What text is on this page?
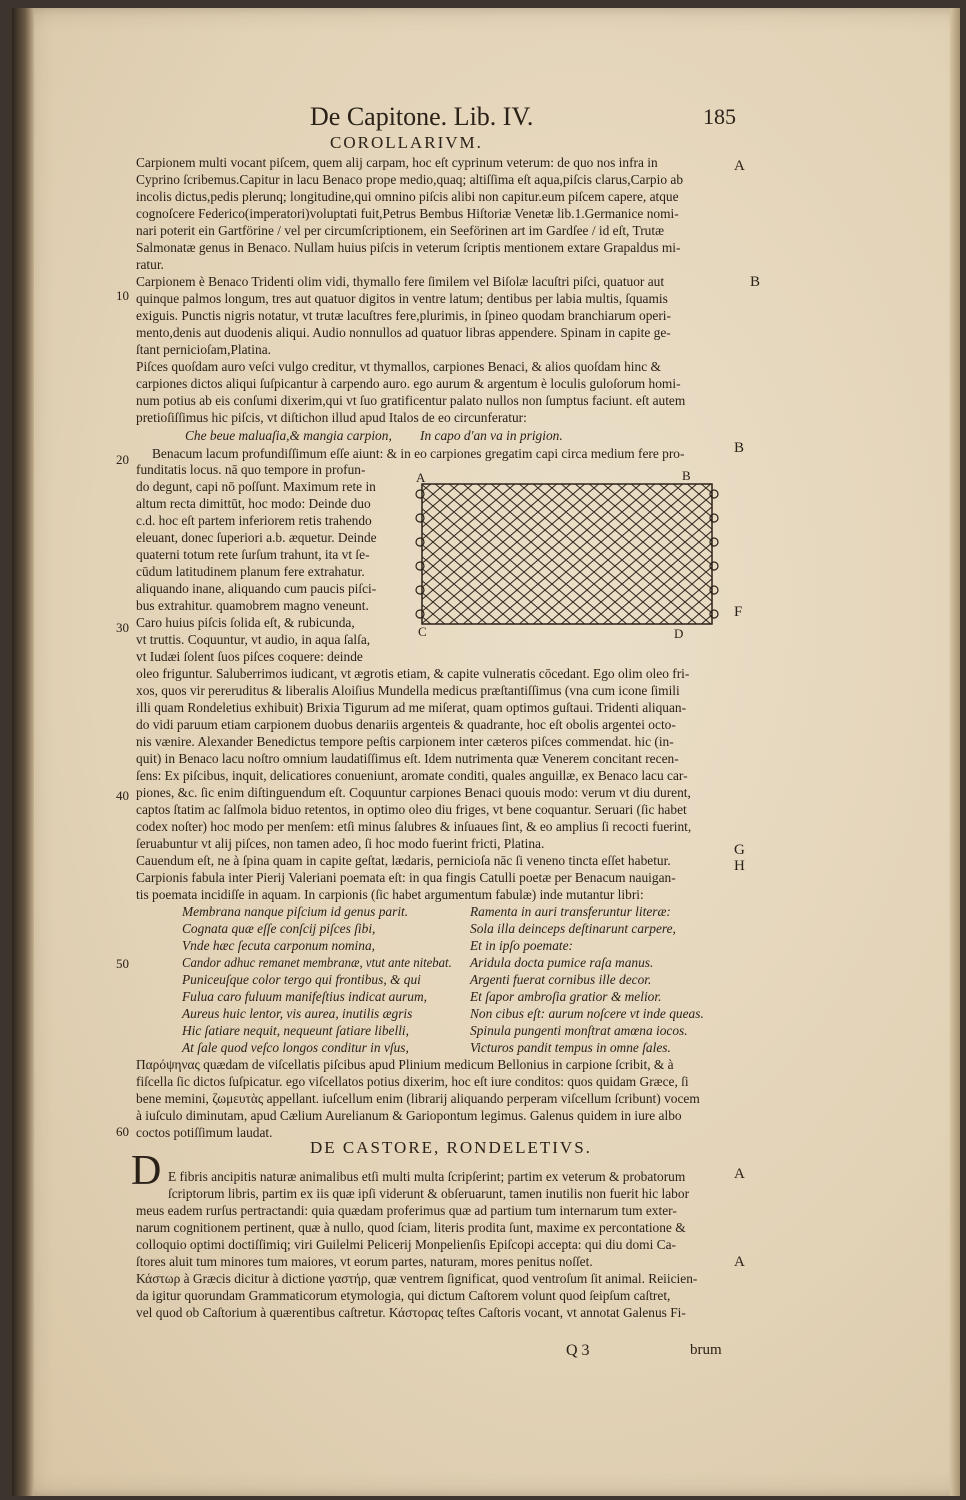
De Capitone. Lib. IV.	185
COROLLARIVM.
Carpionem multi vocant piſcem, quem alij carpam, hoc eſt cyprinum veterum: de quo nos infra in
Cyprino ſcribemus.Capitur in lacu Benaco prope medio,quaq; altiſſima eſt aqua,piſcis clarus,Carpio ab
incolis dictus,pedis plerunq; longitudine,qui omnino piſcis alibi non capitur.eum piſcem capere, atque
cognoſcere Federico(imperatori)voluptati fuit,Petrus Bembus Hiſtoriæ Venetæ lib.1.Germanice nomi-
nari poterit ein Gartförine / vel per circumſcriptionem, ein Seeförinen art im Gardſee / id eſt, Trutæ
Salmonatæ genus in Benaco. Nullam huius piſcis in veterum ſcriptis mentionem extare Grapaldus mi-
ratur.
Carpionem è Benaco Tridenti olim vidi, thymallo fere ſimilem vel Biſolæ lacuſtri piſci, quatuor aut
quinque palmos longum, tres aut quatuor digitos in ventre latum; dentibus per labia multis, ſquamis
exiguis. Punctis nigris notatur, vt trutæ lacuſtres fere,plurimis, in ſpineo quodam branchiarum operi-
mento,denis aut duodenis aliqui. Audio nonnullos ad quatuor libras appendere. Spinam in capite ge-
ſtant pernicioſam,Platina.
Piſces quoſdam auro veſci vulgo creditur, vt thymallos, carpiones Benaci, & alios quoſdam hinc &
carpiones dictos aliqui ſuſpicantur à carpendo auro. ego aurum & argentum è loculis guloſorum homi-
num potius ab eis conſumi dixerim,qui vt ſuo gratificentur palato nullos non ſumptus faciunt. eſt autem
pretioſiſſimus hic piſcis, vt diſtichon illud apud Italos de eo circunferatur:
Che beue maluaſia,& mangia carpion, In capo d'an va in prigion.
Benacum lacum profundiſſimum eſſe aiunt: & in eo carpiones gregatim capi circa medium fere pro-
funditatis locus. nā quo tempore in profun-
do degunt, capi nō poſſunt. Maximum rete in
altum recta dimittūt, hoc modo: Deinde duo
c.d. hoc eſt partem inferiorem retis trahendo
eleuant, donec ſuperiori a.b. æquetur. Deinde
quaterni totum rete ſurſum trahunt, ita vt ſe-
cūdum latitudinem planum fere extrahatur.
aliquando inane, aliquando cum paucis piſci-
bus extrahitur. quamobrem magno veneunt.
Caro huius piſcis ſolida eſt, & rubicunda,
vt truttis. Coquuntur, vt audio, in aqua ſalſa,
vt Iudæi ſolent ſuos piſces coquere: deinde
A	B
C	D
oleo friguntur. Saluberrimos iudicant, vt ægrotis etiam, & capite vulneratis cōcedant. Ego olim oleo fri-
xos, quos vir pereruditus & liberalis Aloiſius Mundella medicus præſtantiſſimus (vna cum icone ſimili
illi quam Rondeletius exhibuit) Brixia Tigurum ad me miſerat, quam optimos guſtaui. Tridenti aliquan-
do vidi paruum etiam carpionem duobus denariis argenteis & quadrante, hoc eſt obolis argentei octo-
nis vænire. Alexander Benedictus tempore peſtis carpionem inter cæteros piſces commendat. hic (in-
quit) in Benaco lacu noſtro omnium laudatiſſimus eſt. Idem nutrimenta quæ Venerem concitant recen-
ſens: Ex piſcibus, inquit, delicatiores conueniunt, aromate conditi, quales anguillæ, ex Benaco lacu car-
piones, &c. ſic enim diſtinguendum eſt. Coquuntur carpiones Benaci quouis modo: verum vt diu durent,
captos ſtatim ac ſalſmola biduo retentos, in optimo oleo diu friges, vt bene coquantur. Seruari (ſic habet
codex noſter) hoc modo per menſem: etſi minus ſalubres & inſuaues ſint, & eo amplius ſi recocti fuerint,
ſeruabuntur vt alij piſces, non tamen adeo, ſi hoc modo fuerint fricti, Platina.
Cauendum eſt, ne à ſpina quam in capite geſtat, lædaris, pernicioſa nāc ſi veneno tincta eſſet habetur.
Carpionis fabula inter Pierij Valeriani poemata eſt: in qua fingis Catulli poetæ per Benacum nauigan-
tis poemata incidiſſe in aquam. In carpionis (ſic habet argumentum fabulæ) inde mutantur libri:
Membrana nanque piſcium id genus parit.
Cognata quæ eſſe conſcij piſces ſibi,
Vnde hæc ſecuta carponum nomina,
Candor adhuc remanet membranæ, vtut ante nitebat.
Puniceuſque color tergo qui frontibus, & qui
Fulua caro fuluum manifeſtius indicat aurum,
Aureus huic lentor, vis aurea, inutilis ægris
Hic ſatiare nequit, nequeunt ſatiare libelli,
At ſale quod veſco longos conditur in vſus,
Ramenta in auri transferuntur literæ:
Sola illa deinceps deſtinarunt carpere,
Et in ipſo poemate:
Aridula docta pumice raſa manus.
Argenti fuerat cornibus ille decor.
Et ſapor ambroſia gratior & melior.
Non cibus eſt: aurum noſcere vt inde queas.
Spinula pungenti monſtrat amœna iocos.
Victuros pandit tempus in omne ſales.
Παρόψηνας quædam de viſcellatis piſcibus apud Plinium medicum Bellonius in carpione ſcribit, & à
fiſcella ſic dictos ſuſpicatur. ego viſcellatos potius dixerim, hoc eſt iure conditos: quos quidam Græce, ſi
bene memini, ζωμευτὰς appellant. iuſcellum enim (librarij aliquando perperam viſcellum ſcribunt) vocem
à iuſculo diminutam, apud Cælium Aurelianum & Gariopontum legimus. Galenus quidem in iure albo
coctos potiſſimum laudat.
DE CASTORE, RONDELETIVS.
D E fibris ancipitis naturæ animalibus etſi multi multa ſcripſerint; partim ex veterum & probatorum
ſcriptorum libris, partim ex iis quæ ipſi viderunt & obſeruarunt, tamen inutilis non fuerit hic labor
meus eadem rurſus pertractandi: quia quædam proferimus quæ ad partium tum internarum tum exter-
narum cognitionem pertinent, quæ à nullo, quod ſciam, literis prodita ſunt, maxime ex percontatione &
colloquio optimi doctiſſimiq; viri Guilelmi Pelicerij Monpelienſis Epiſcopi accepta: qui diu domi Ca-
ſtores aluit tum minores tum maiores, vt eorum partes, naturam, mores penitus noſſet.
Κάστωρ à Græcis dicitur à dictione γαστήρ, quæ ventrem ſignificat, quod ventroſum ſit animal. Reiicien-
da igitur quorundam Grammaticorum etymologia, qui dictum Caſtorem volunt quod ſeipſum caſtret,
vel quod ob Caſtorium à quærentibus caſtretur. Κάστορας teſtes Caſtoris vocant, vt annotat Galenus Fi-
Q 3	brum
A
B
B
F
G
H
A
A
10
20
30
40
50
60
